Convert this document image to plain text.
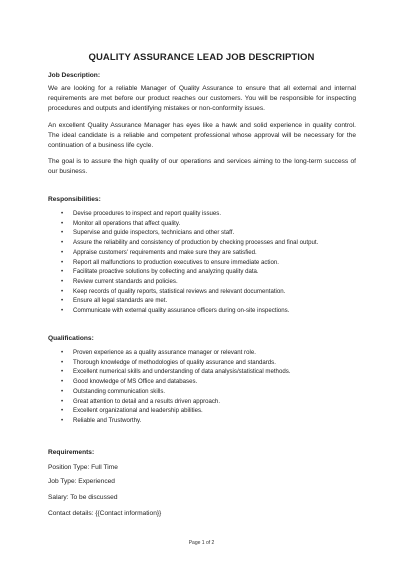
QUALITY ASSURANCE LEAD JOB DESCRIPTION
Job Description:
We are looking for a reliable Manager of Quality Assurance to ensure that all external and internal requirements are met before our product reaches our customers. You will be responsible for inspecting procedures and outputs and identifying mistakes or non-conformity issues.
An excellent Quality Assurance Manager has eyes like a hawk and solid experience in quality control. The ideal candidate is a reliable and competent professional whose approval will be necessary for the continuation of a business life cycle.
The goal is to assure the high quality of our operations and services aiming to the long-term success of our business.
Responsibilities:
• Devise procedures to inspect and report quality issues.
• Monitor all operations that affect quality.
• Supervise and guide inspectors, technicians and other staff.
• Assure the reliability and consistency of production by checking processes and final output.
• Appraise customers' requirements and make sure they are satisfied.
• Report all malfunctions to production executives to ensure immediate action.
• Facilitate proactive solutions by collecting and analyzing quality data.
• Review current standards and policies.
• Keep records of quality reports, statistical reviews and relevant documentation.
• Ensure all legal standards are met.
• Communicate with external quality assurance officers during on-site inspections.
Qualifications:
• Proven experience as a quality assurance manager or relevant role.
• Thorough knowledge of methodologies of quality assurance and standards.
• Excellent numerical skills and understanding of data analysis/statistical methods.
• Good knowledge of MS Office and databases.
• Outstanding communication skills.
• Great attention to detail and a results driven approach.
• Excellent organizational and leadership abilities.
• Reliable and Trustworthy.
Requirements:
Position Type: Full Time
Job Type: Experienced
Salary: To be discussed
Contact details: {{Contact information}}
Page 1 of 2
